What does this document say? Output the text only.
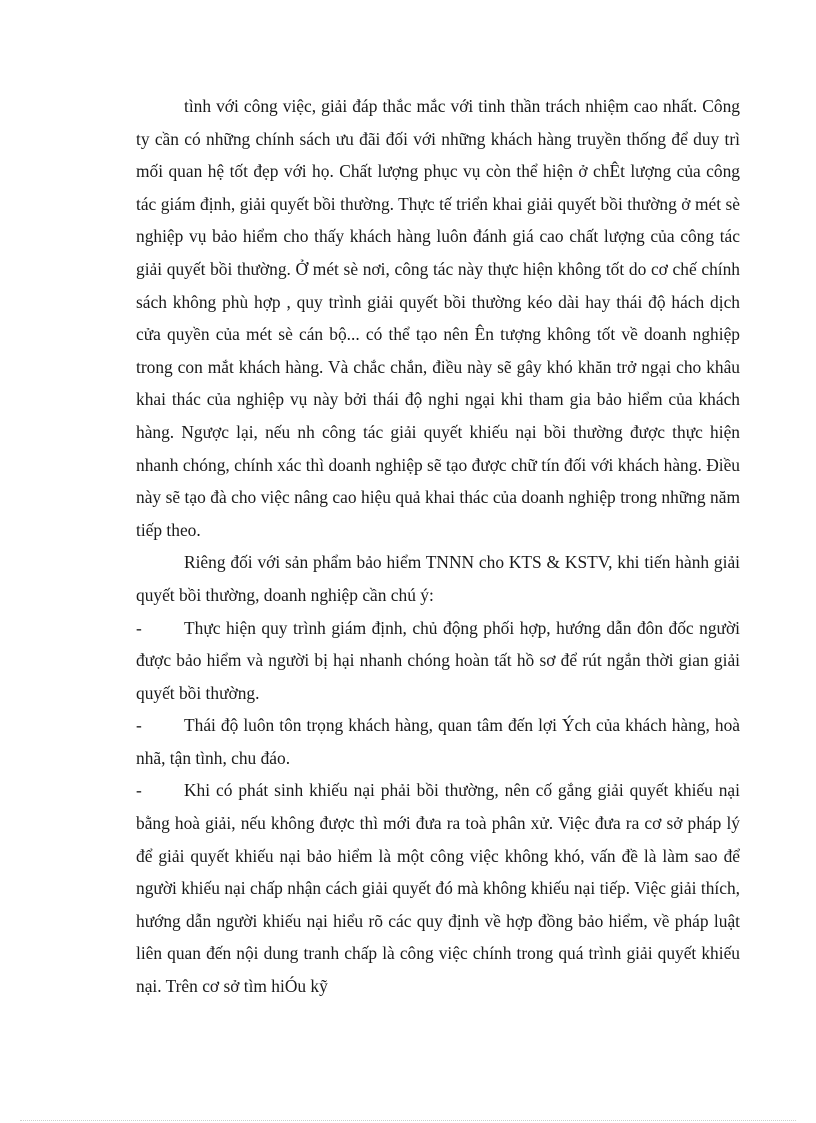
tình với công việc, giải đáp thắc mắc với tinh thần trách nhiệm cao nhất. Công ty cần có những chính sách ưu đãi đối với những khách hàng truyền thống để duy trì mối quan hệ tốt đẹp với họ. Chất lượng phục vụ còn thể hiện ở chÊt lượng của công tác giám định, giải quyết bồi thường. Thực tế triển khai giải quyết bồi thường ở mét sè nghiệp vụ bảo hiểm cho thấy khách hàng luôn đánh giá cao chất lượng của công tác giải quyết bồi thường. Ở mét sè nơi, công tác này thực hiện không tốt do cơ chế chính sách không phù hợp , quy trình giải quyết bồi thường kéo dài hay thái độ hách dịch cửa quyền của mét sè cán bộ... có thể tạo nên Ên tượng không tốt về doanh nghiệp trong con mắt khách hàng. Và chắc chắn, điều này sẽ gây khó khăn trở ngại cho khâu khai thác của nghiệp vụ này bởi thái độ nghi ngại khi tham gia bảo hiểm của khách hàng. Ngược lại, nếu nh công tác giải quyết khiếu nại bồi thường được thực hiện nhanh chóng, chính xác thì doanh nghiệp sẽ tạo được chữ tín đối với khách hàng. Điều này sẽ tạo đà cho việc nâng cao hiệu quả khai thác của doanh nghiệp trong những năm tiếp theo.

Riêng đối với sản phẩm bảo hiểm TNNN cho KTS & KSTV, khi tiến hành giải quyết bồi thường, doanh nghiệp cần chú ý:

- Thực hiện quy trình giám định, chủ động phối hợp, hướng dẫn đôn đốc người được bảo hiểm và người bị hại nhanh chóng hoàn tất hồ sơ để rút ngắn thời gian giải quyết bồi thường.

- Thái độ luôn tôn trọng khách hàng, quan tâm đến lợi Ých của khách hàng, hoà nhã, tận tình, chu đáo.

- Khi có phát sinh khiếu nại phải bồi thường, nên cố gắng giải quyết khiếu nại bằng hoà giải, nếu không được thì mới đưa ra toà phân xử. Việc đưa ra cơ sở pháp lý để giải quyết khiếu nại bảo hiểm là một công việc không khó, vấn đề là làm sao để người khiếu nại chấp nhận cách giải quyết đó mà không khiếu nại tiếp. Việc giải thích, hướng dẫn người khiếu nại hiểu rõ các quy định về hợp đồng bảo hiểm, về pháp luật liên quan đến nội dung tranh chấp là công việc chính trong quá trình giải quyết khiếu nại. Trên cơ sở tìm hiÓu kỹ
